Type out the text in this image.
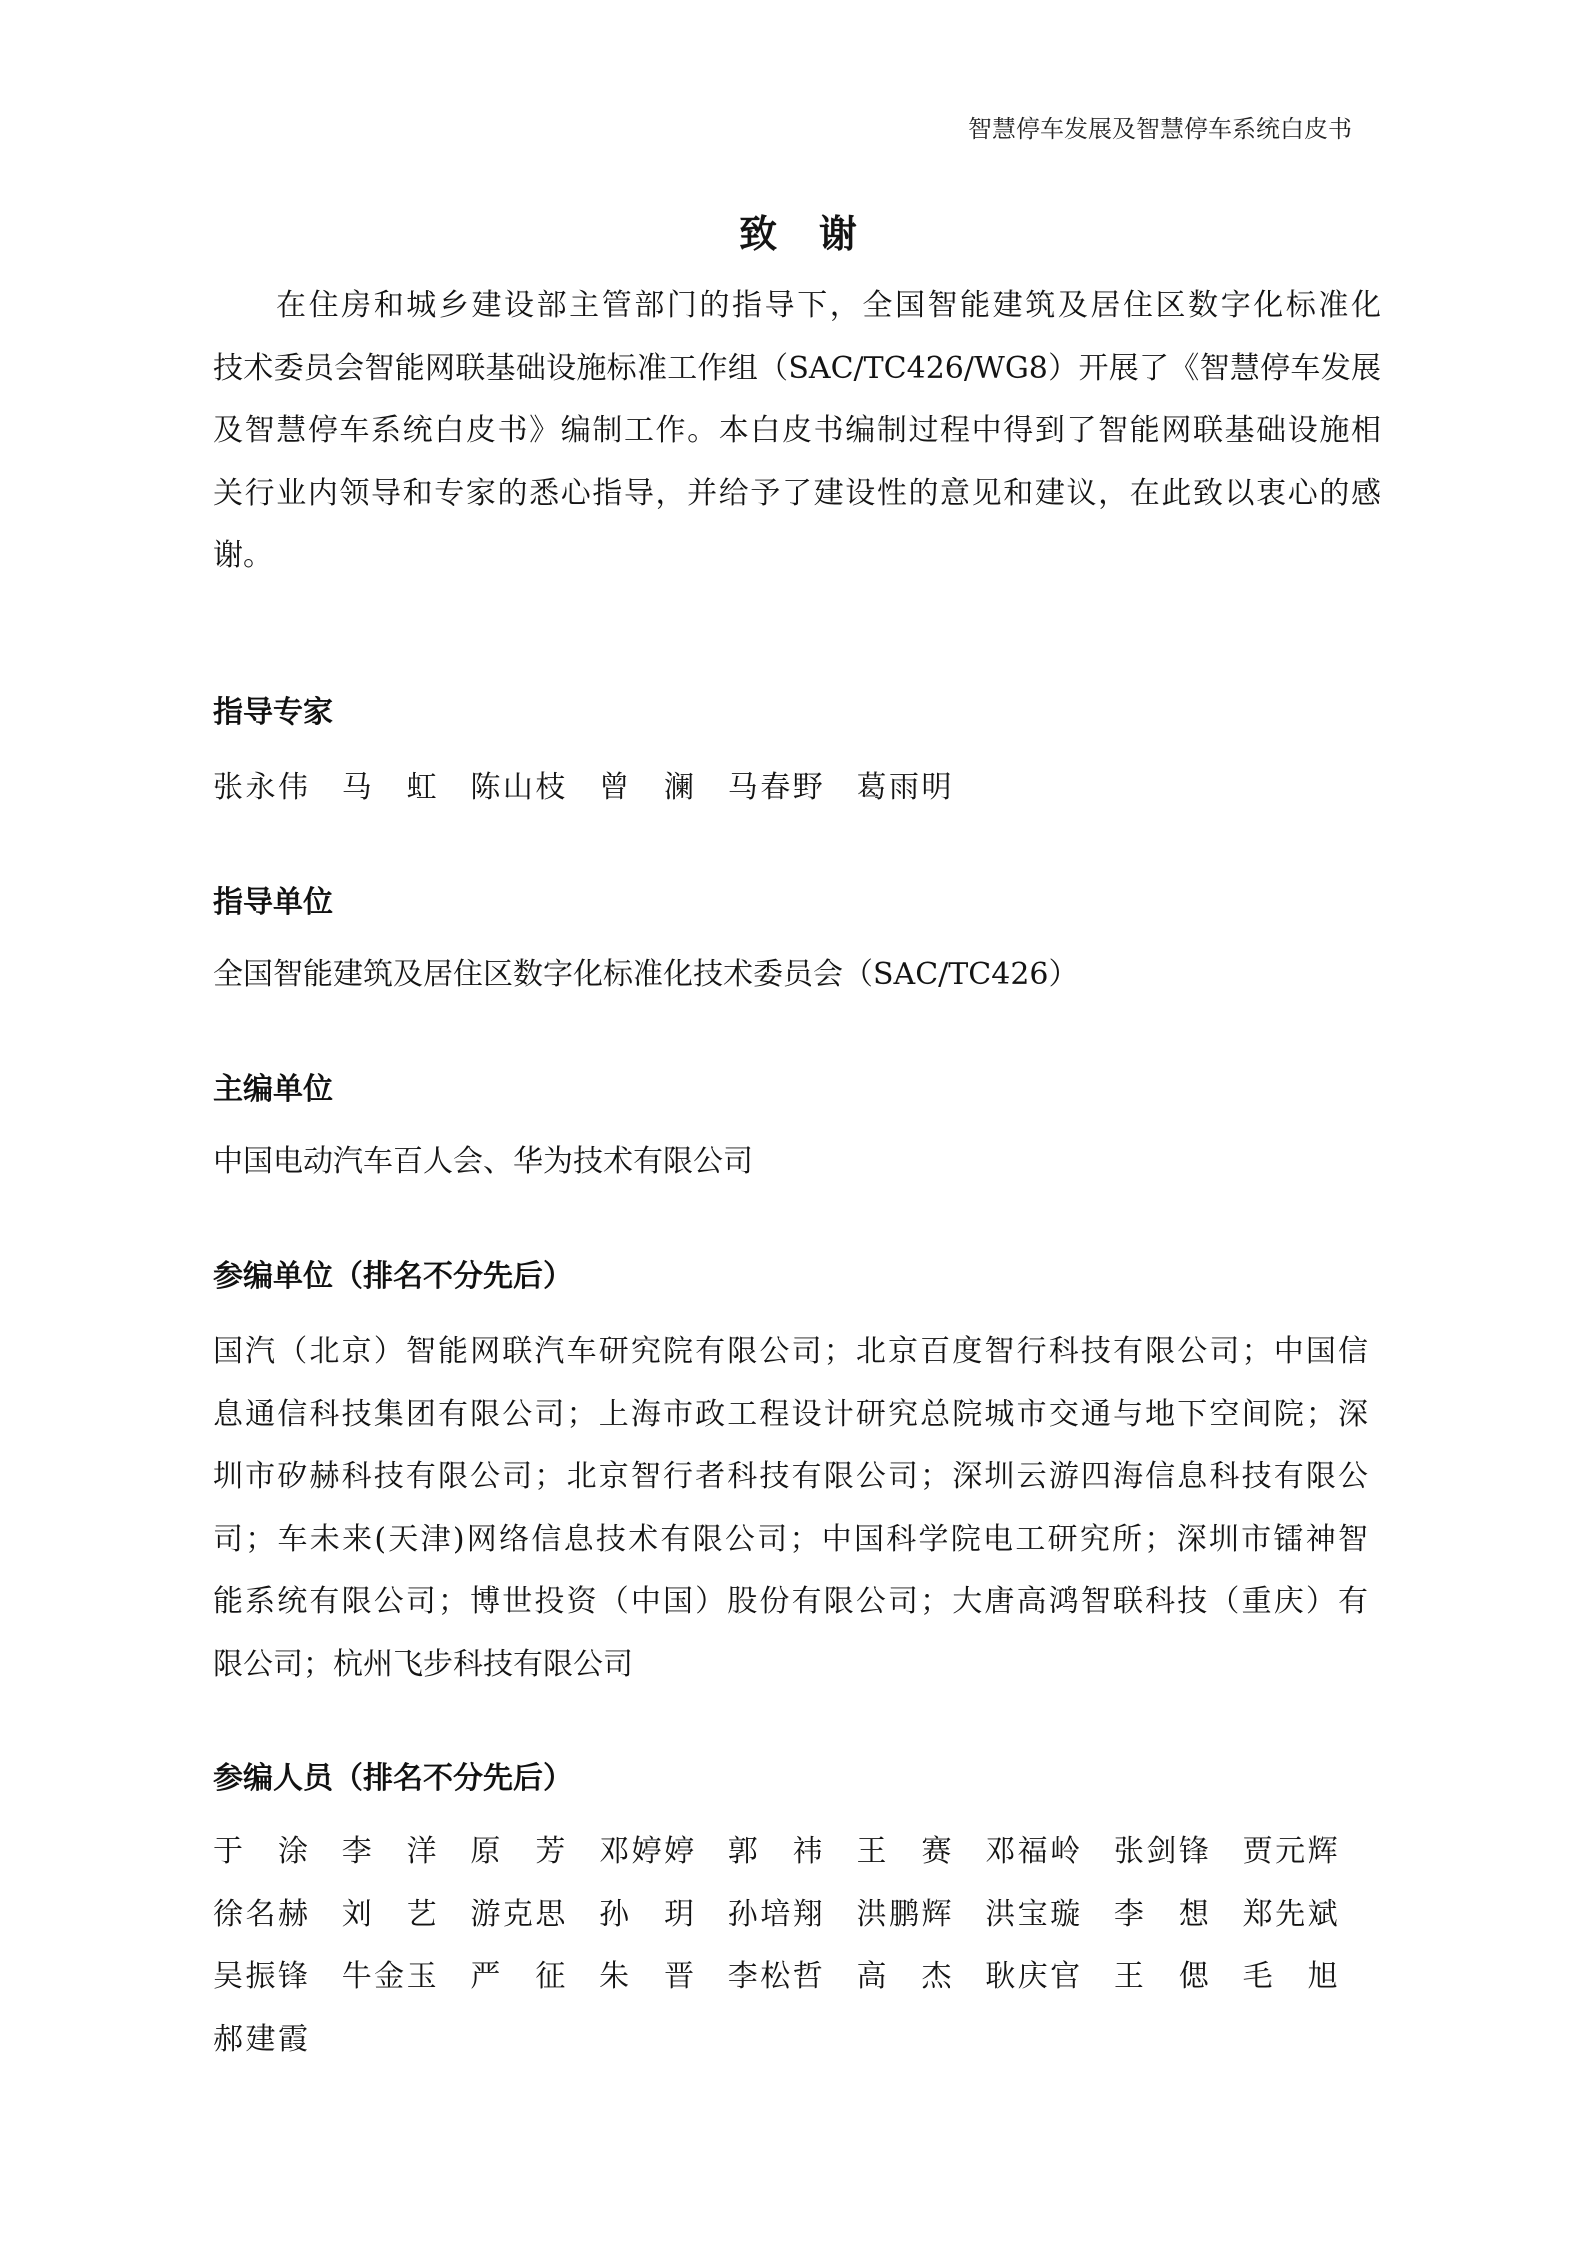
智慧停车发展及智慧停车系统白皮书
致 谢
在住房和城乡建设部主管部门的指导下，全国智能建筑及居住区数字化标准化
技术委员会智能网联基础设施标准工作组（SAC/TC426/WG8）开展了《智慧停车发展
及智慧停车系统白皮书》编制工作。本白皮书编制过程中得到了智能网联基础设施相
关行业内领导和专家的悉心指导，并给予了建设性的意见和建议，在此致以衷心的感
谢。
指导专家
张永伟 马 虹 陈山枝 曾 澜 马春野 葛雨明
指导单位
全国智能建筑及居住区数字化标准化技术委员会（SAC/TC426）
主编单位
中国电动汽车百人会、华为技术有限公司
参编单位（排名不分先后）
国汽（北京）智能网联汽车研究院有限公司；北京百度智行科技有限公司；中国信
息通信科技集团有限公司；上海市政工程设计研究总院城市交通与地下空间院；深
圳市矽赫科技有限公司；北京智行者科技有限公司；深圳云游四海信息科技有限公
司；车未来(天津)网络信息技术有限公司；中国科学院电工研究所；深圳市镭神智
能系统有限公司；博世投资（中国）股份有限公司；大唐高鸿智联科技（重庆）有
限公司；杭州飞步科技有限公司
参编人员（排名不分先后）
于 涂 李 洋 原 芳 邓婷婷 郭 祎 王 赛 邓福岭 张剑锋 贾元辉
徐名赫 刘 艺 游克思 孙 玥 孙培翔 洪鹏辉 洪宝璇 李 想 郑先斌
吴振锋 牛金玉 严 征 朱 晋 李松哲 高 杰 耿庆官 王 偲 毛 旭
郝建霞
